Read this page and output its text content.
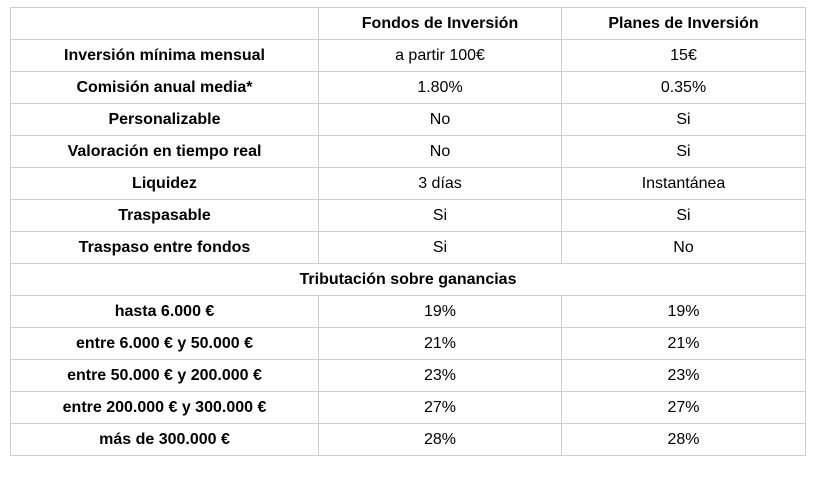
	Fondos de Inversión	Planes de Inversión
Inversión mínima mensual	a partir 100€	15€
Comisión anual media*	1.80%	0.35%
Personalizable	No	Si
Valoración en tiempo real	No	Si
Liquidez	3 días	Instantánea
Traspasable	Si	Si
Traspaso entre fondos	Si	No
Tributación sobre ganancias		
hasta 6.000 €	19%	19%
entre 6.000 € y 50.000 €	21%	21%
entre 50.000 € y 200.000 €	23%	23%
entre 200.000 € y 300.000 €	27%	27%
más de 300.000 €	28%	28%
